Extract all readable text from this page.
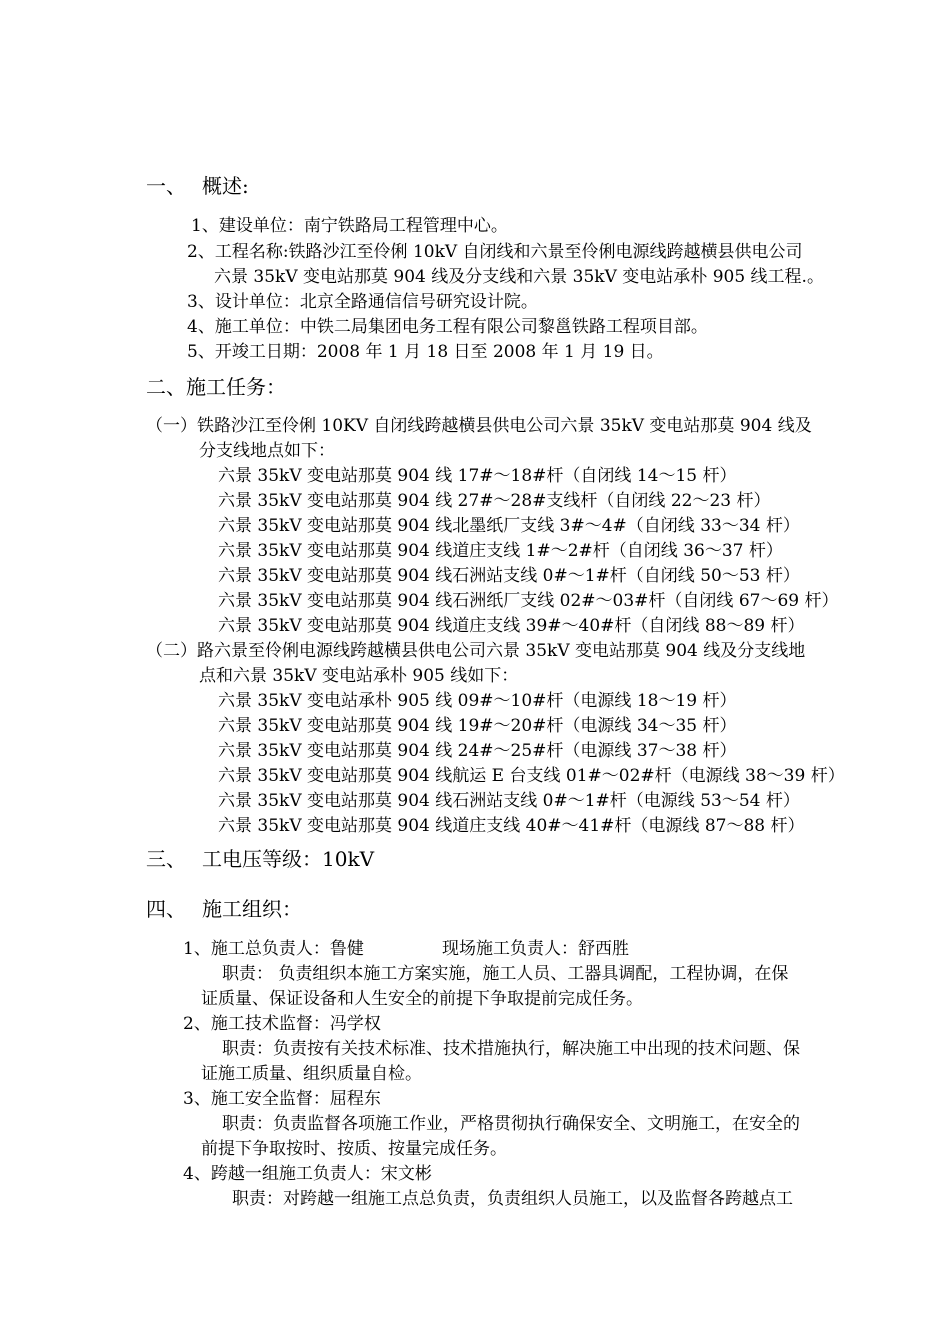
一、 概述:
1、建设单位：南宁铁路局工程管理中心。
2、工程名称:铁路沙江至伶俐 10kV 自闭线和六景至伶俐电源线跨越横县供电公司
六景 35kV 变电站那莫 904 线及分支线和六景 35kV 变电站承朴 905 线工程.。
3、设计单位：北京全路通信信号研究设计院。
4、施工单位：中铁二局集团电务工程有限公司黎邕铁路工程项目部。
5、开竣工日期：2008 年 1 月 18 日至 2008 年 1 月 19 日。
二、施工任务：
（一）铁路沙江至伶俐 10KV 自闭线跨越横县供电公司六景 35kV 变电站那莫 904 线及
分支线地点如下：
六景 35kV 变电站那莫 904 线 17#～18#杆（自闭线 14～15 杆）
六景 35kV 变电站那莫 904 线 27#～28#支线杆（自闭线 22～23 杆）
六景 35kV 变电站那莫 904 线北墨纸厂支线 3#～4#（自闭线 33～34 杆）
六景 35kV 变电站那莫 904 线道庄支线 1#～2#杆（自闭线 36～37 杆）
六景 35kV 变电站那莫 904 线石洲站支线 0#～1#杆（自闭线 50～53 杆）
六景 35kV 变电站那莫 904 线石洲纸厂支线 02#～03#杆（自闭线 67～69 杆）
六景 35kV 变电站那莫 904 线道庄支线 39#～40#杆（自闭线 88～89 杆）
（二）路六景至伶俐电源线跨越横县供电公司六景 35kV 变电站那莫 904 线及分支线地
点和六景 35kV 变电站承朴 905 线如下：
六景 35kV 变电站承朴 905 线 09#～10#杆（电源线 18～19 杆）
六景 35kV 变电站那莫 904 线 19#～20#杆（电源线 34～35 杆）
六景 35kV 变电站那莫 904 线 24#～25#杆（电源线 37～38 杆）
六景 35kV 变电站那莫 904 线航运 E 台支线 01#～02#杆（电源线 38～39 杆）
六景 35kV 变电站那莫 904 线石洲站支线 0#～1#杆（电源线 53～54 杆）
六景 35kV 变电站那莫 904 线道庄支线 40#～41#杆（电源线 87～88 杆）
三、 工电压等级：10kV
四、 施工组织：
1、施工总负责人：鲁健	现场施工负责人：舒西胜
职责： 负责组织本施工方案实施，施工人员、工器具调配，工程协调，在保
证质量、保证设备和人生安全的前提下争取提前完成任务。
2、施工技术监督：冯学权
职责：负责按有关技术标准、技术措施执行，解决施工中出现的技术问题、保
证施工质量、组织质量自检。
3、施工安全监督：屈程东
职责：负责监督各项施工作业，严格贯彻执行确保安全、文明施工，在安全的
前提下争取按时、按质、按量完成任务。
4、跨越一组施工负责人：宋文彬
职责：对跨越一组施工点总负责，负责组织人员施工，以及监督各跨越点工
